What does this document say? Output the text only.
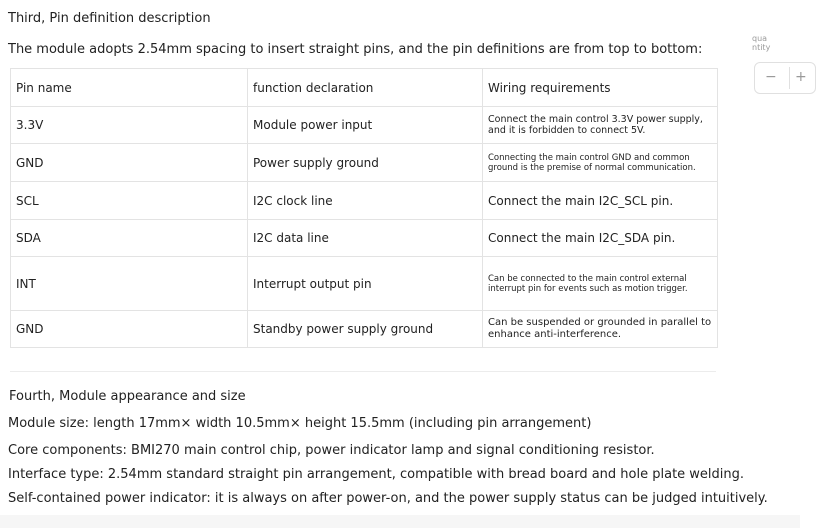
Third, Pin definition description
The module adopts 2.54mm spacing to insert straight pins, and the pin definitions are from top to bottom:
Pin name	function declaration	Wiring requirements
3.3V	Module power input	Connect the main control 3.3V power supply, and it is forbidden to connect 5V.
GND	Power supply ground	Connecting the main control GND and common ground is the premise of normal communication.
SCL	I2C clock line	Connect the main I2C_SCL pin.
SDA	I2C data line	Connect the main I2C_SDA pin.
INT	Interrupt output pin	Can be connected to the main control external interrupt pin for events such as motion trigger.
GND	Standby power supply ground	Can be suspended or grounded in parallel to enhance anti-interference.
Fourth, Module appearance and size
Module size: length 17mm× width 10.5mm× height 15.5mm (including pin arrangement)
Core components: BMI270 main control chip, power indicator lamp and signal conditioning resistor.
Interface type: 2.54mm standard straight pin arrangement, compatible with bread board and hole plate welding.
Self-contained power indicator: it is always on after power-on, and the power supply status can be judged intuitively.
qua
ntity
− +
